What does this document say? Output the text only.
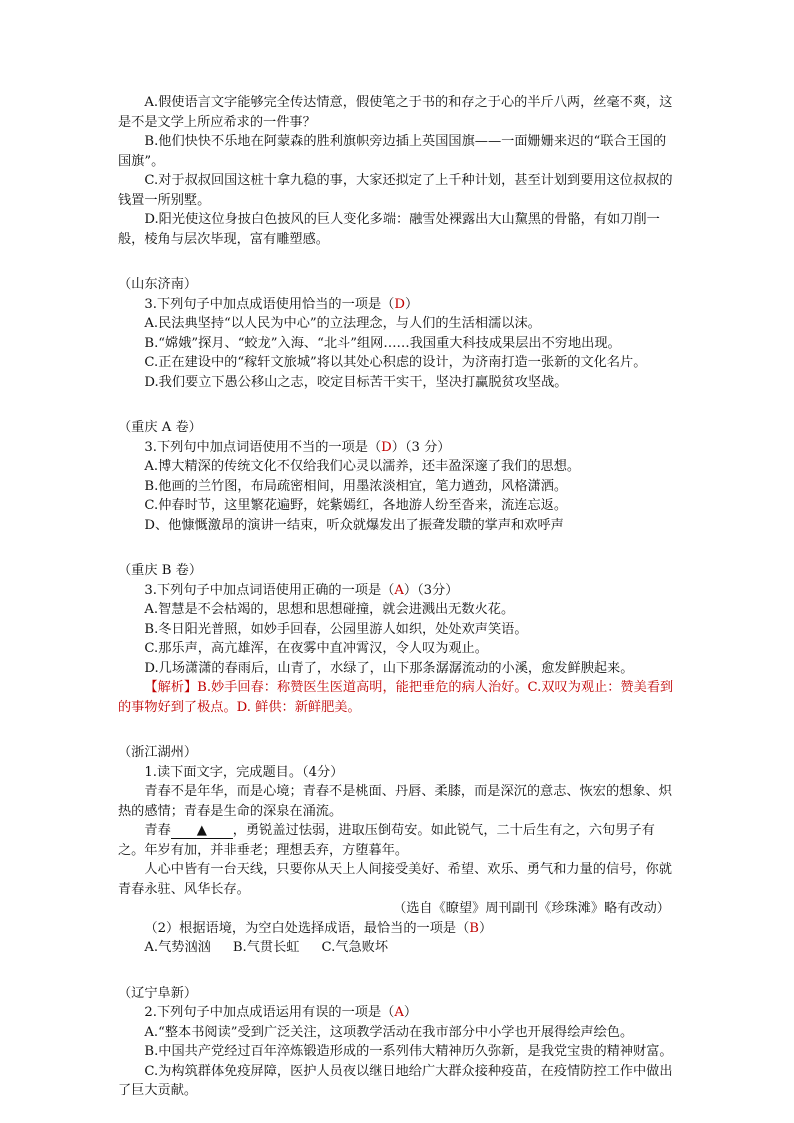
A.假使语言文字能够完全传达情意，假使笔之于书的和存之于心的半斤八两，丝毫不爽，这是不是文学上所应希求的一件事？

B.他们快快不乐地在阿蒙森的胜利旗帜旁边插上英国国旗——一面姗姗来迟的“联合王国的国旗”。

C.对于叔叔回国这桩十拿九稳的事，大家还拟定了上千种计划，甚至计划到要用这位叔叔的钱置一所别墅。

D.阳光使这位身披白色披风的巨人变化多端：融雪处裸露出大山黧黑的骨骼，有如刀削一般，棱角与层次毕现，富有雕塑感。

（山东济南）

3.下列句子中加点成语使用恰当的一项是（D）

A.民法典坚持“以人民为中心”的立法理念，与人们的生活相濡以沫。

B.“嫦娥”探月、“蛟龙”入海、“北斗”组网……我国重大科技成果层出不穷地出现。

C.正在建设中的“稼轩文旅城”将以其处心积虑的设计，为济南打造一张新的文化名片。

D.我们要立下愚公移山之志，咬定目标苦干实干，坚决打赢脱贫攻坚战。

（重庆 A 卷）

3.下列句中加点词语使用不当的一项是（D）（3 分）

A.博大精深的传统文化不仅给我们心灵以濡养，还丰盈深邃了我们的思想。

B.他画的兰竹图，布局疏密相间，用墨浓淡相宜，笔力遒劲，风格潇洒。

C.仲春时节，这里繁花遍野，姹紫嫣红，各地游人纷至沓来，流连忘返。

D、他慷慨激昂的演讲一结束，听众就爆发出了振聋发聩的掌声和欢呼声

（重庆 B 卷）

3.下列句子中加点词语使用正确的一项是（A）（3分）

A.智慧是不会枯竭的，思想和思想碰撞，就会进溅出无数火花。

B.冬日阳光普照，如妙手回春，公园里游人如织，处处欢声笑语。

C.那乐声，高亢雄浑，在夜雾中直冲霄汉，令人叹为观止。

D.几场潇潇的春雨后，山青了，水绿了，山下那条潺潺流动的小溪，愈发鲜腴起来。

【解析】B.妙手回春：称赞医生医道高明，能把垂危的病人治好。C.双叹为观止：赞美看到的事物好到了极点。D. 鲜供：新鲜肥美。

（浙江湖州）

1.读下面文字，完成题目。（4分）

青春不是年华，而是心境；青春不是桃面、丹唇、柔膝，而是深沉的意志、恢宏的想象、炽热的感情；青春是生命的深泉在涌流。

青春 ▲ ，勇锐盖过怯弱，进取压倒苟安。如此锐气，二十后生有之，六旬男子有之。年岁有加，并非垂老；理想丢弃，方堕暮年。

人心中皆有一台天线，只要你从天上人间接受美好、希望、欢乐、勇气和力量的信号，你就青春永驻、风华长存。

（选自《瞭望》周刊副刊《珍珠滩》略有改动）

（2）根据语境，为空白处选择成语，最恰当的一项是（B）

A.气势汹汹 B.气贯长虹 C.气急败坏

（辽宁阜新）

2.下列句子中加点成语运用有误的一项是（A）

A.“整本书阅读”受到广泛关注，这项教学活动在我市部分中小学也开展得绘声绘色。

B.中国共产党经过百年淬炼锻造形成的一系列伟大精神历久弥新，是我党宝贵的精神财富。

C.为构筑群体免疫屏障，医护人员夜以继日地给广大群众接种疫苗，在疫情防控工作中做出了巨大贡献。
